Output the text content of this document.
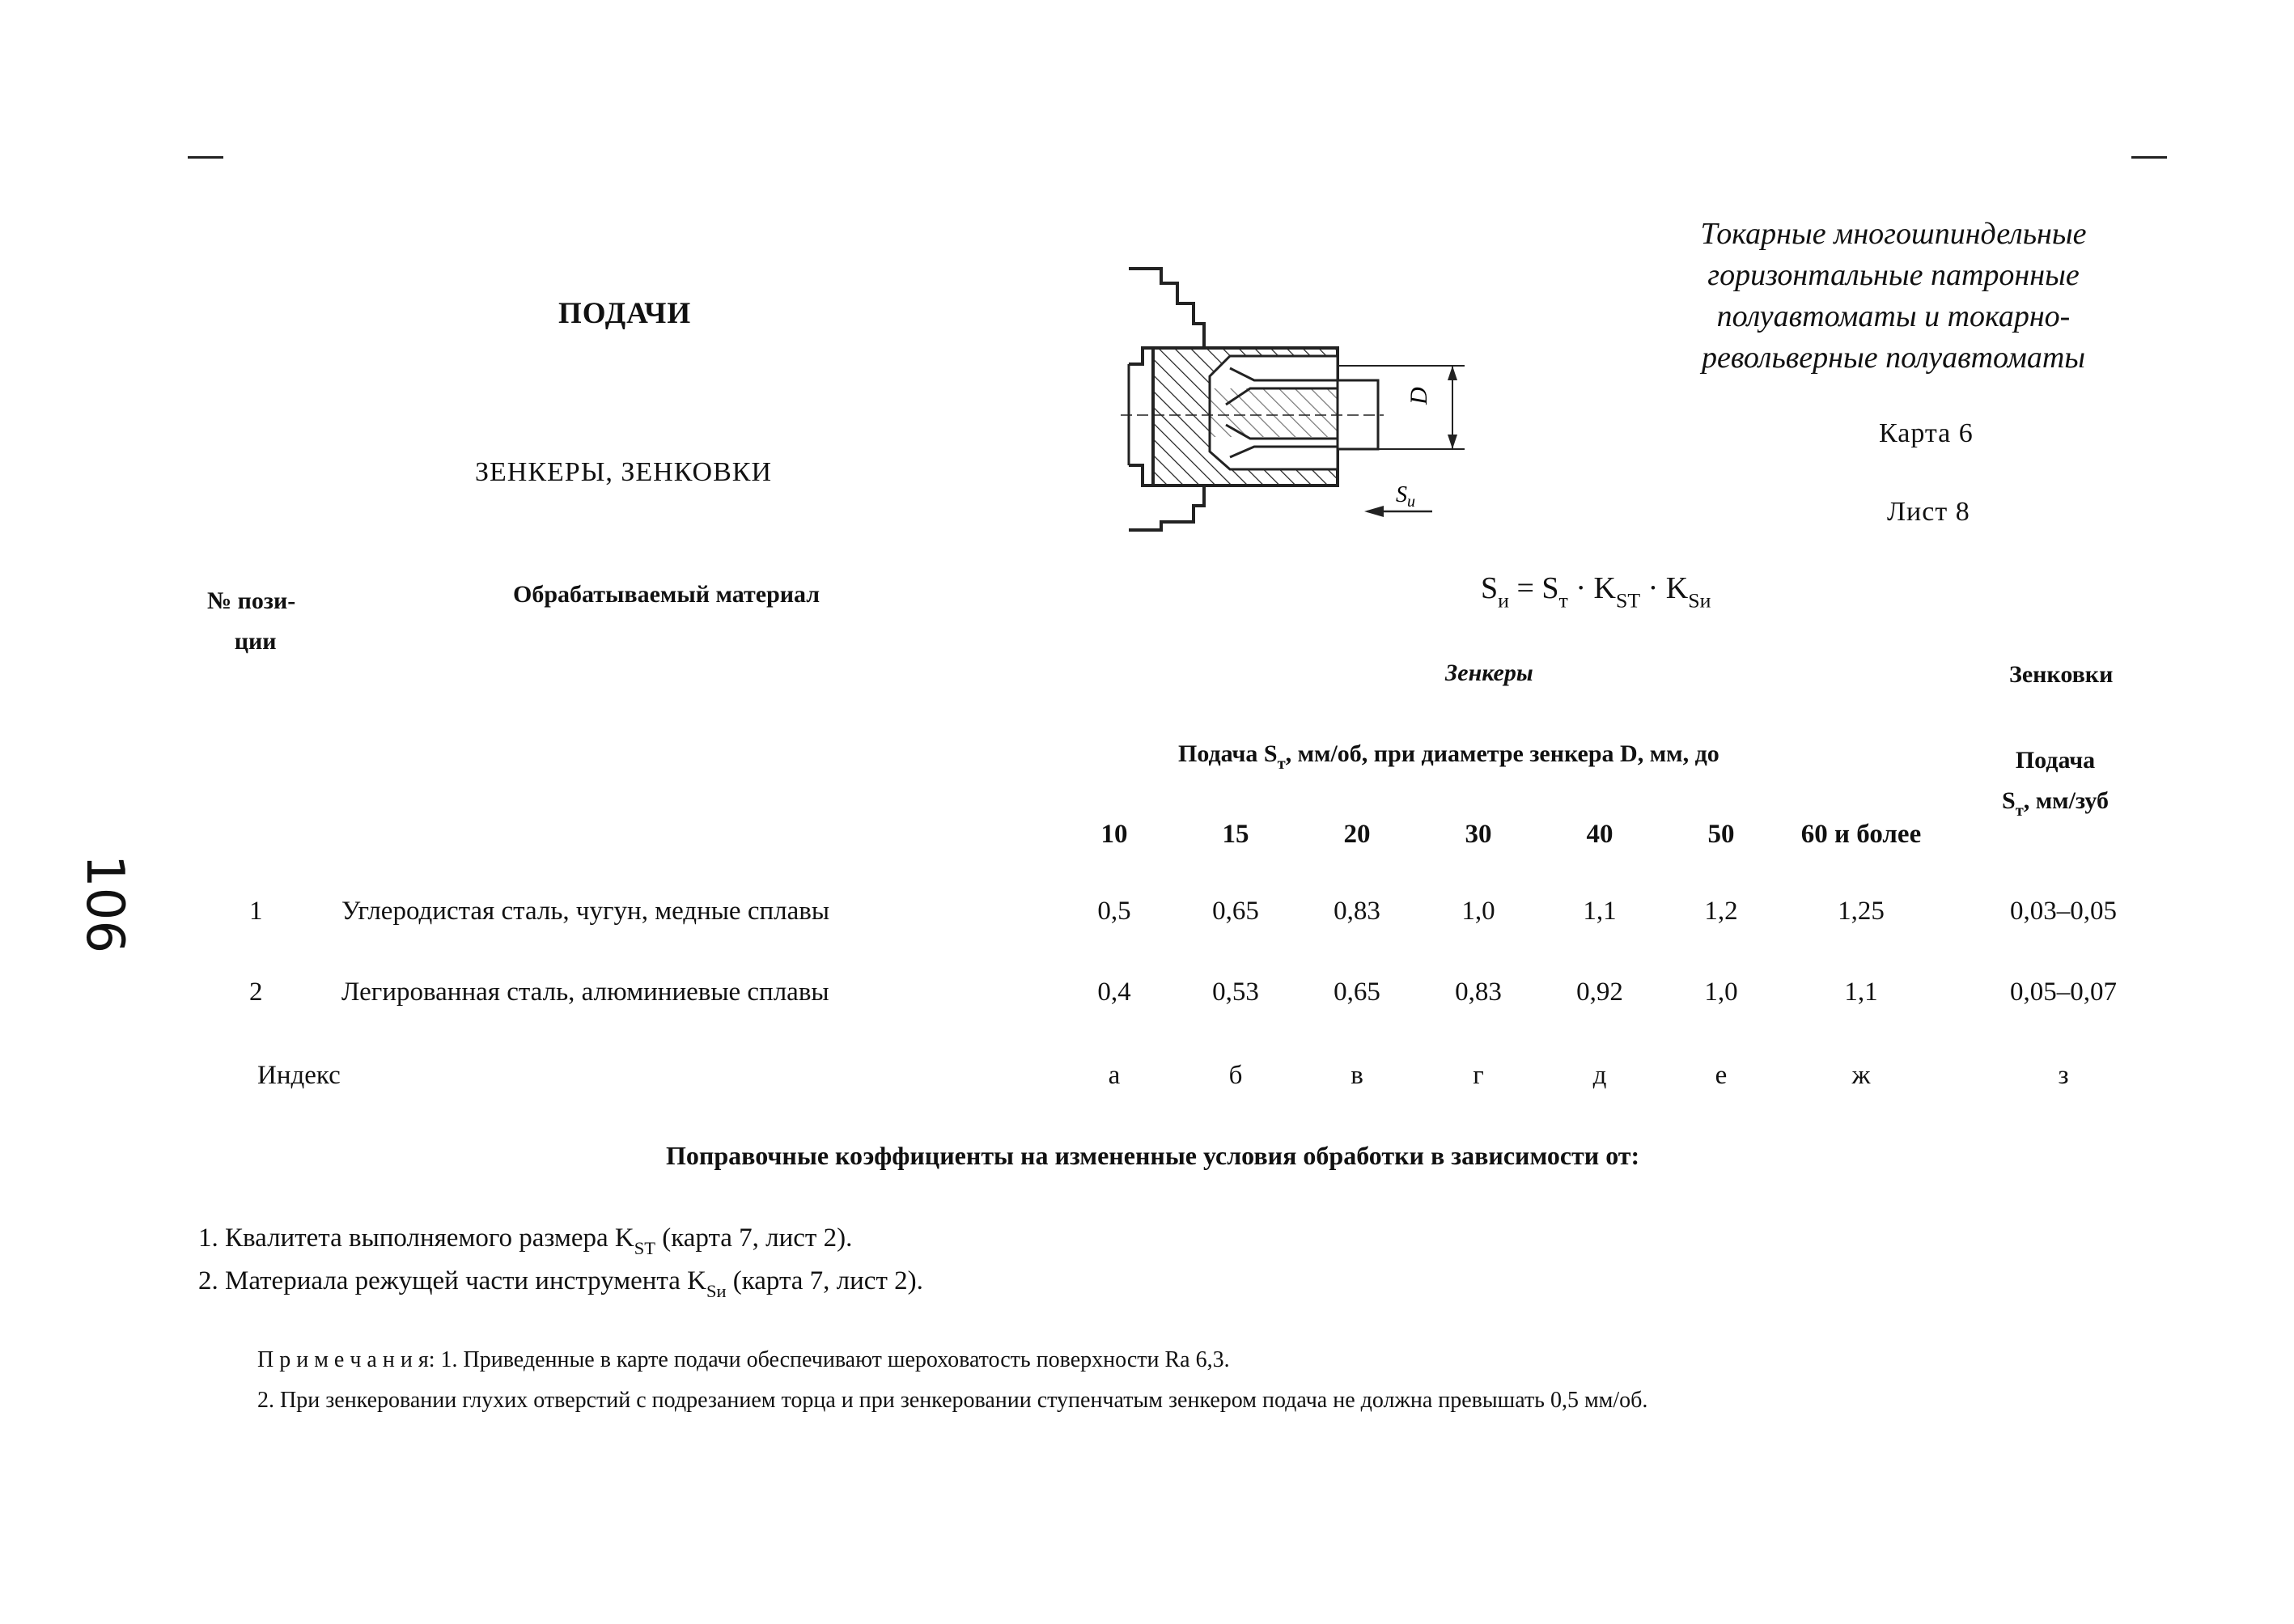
ПОДАЧИ
ЗЕНКЕРЫ, ЗЕНКОВКИ
Токарные многошпиндельные
горизонтальные патронные
полуавтоматы и токарно-
револьверные полуавтоматы
Карта 6
Лист 8
D
$S_и$
$S_и = S_т \cdot K_{ST} \cdot K_{Sи}$
№ пози-
ции
Обрабатываемый материал
Зенкеры	Зенковки
Подача $S_т$, мм/об, при диаметре зенкера D, мм, до	Подача
$S_т$, мм/зуб
10	15	20	30	40	50	60 и более
1	Углеродистая сталь, чугун, медные сплавы	0,5	0,65	0,83	1,0	1,1	1,2	1,25	0,03–0,05
2	Легированная сталь, алюминиевые сплавы	0,4	0,53	0,65	0,83	0,92	1,0	1,1	0,05–0,07
Индекс	а	б	в	г	д	е	ж	з
Поправочные коэффициенты на измененные условия обработки в зависимости от:
1. Квалитета выполняемого размера $K_{ST}$ (карта 7, лист 2).
2. Материала режущей части инструмента $K_{Sи}$ (карта 7, лист 2).
П р и м е ч а н и я: 1. Приведенные в карте подачи обеспечивают шероховатость поверхности Ra 6,3.
2. При зенкеровании глухих отверстий с подрезанием торца и при зенкеровании ступенчатым зенкером подача не должна превышать 0,5 мм/об.
106
